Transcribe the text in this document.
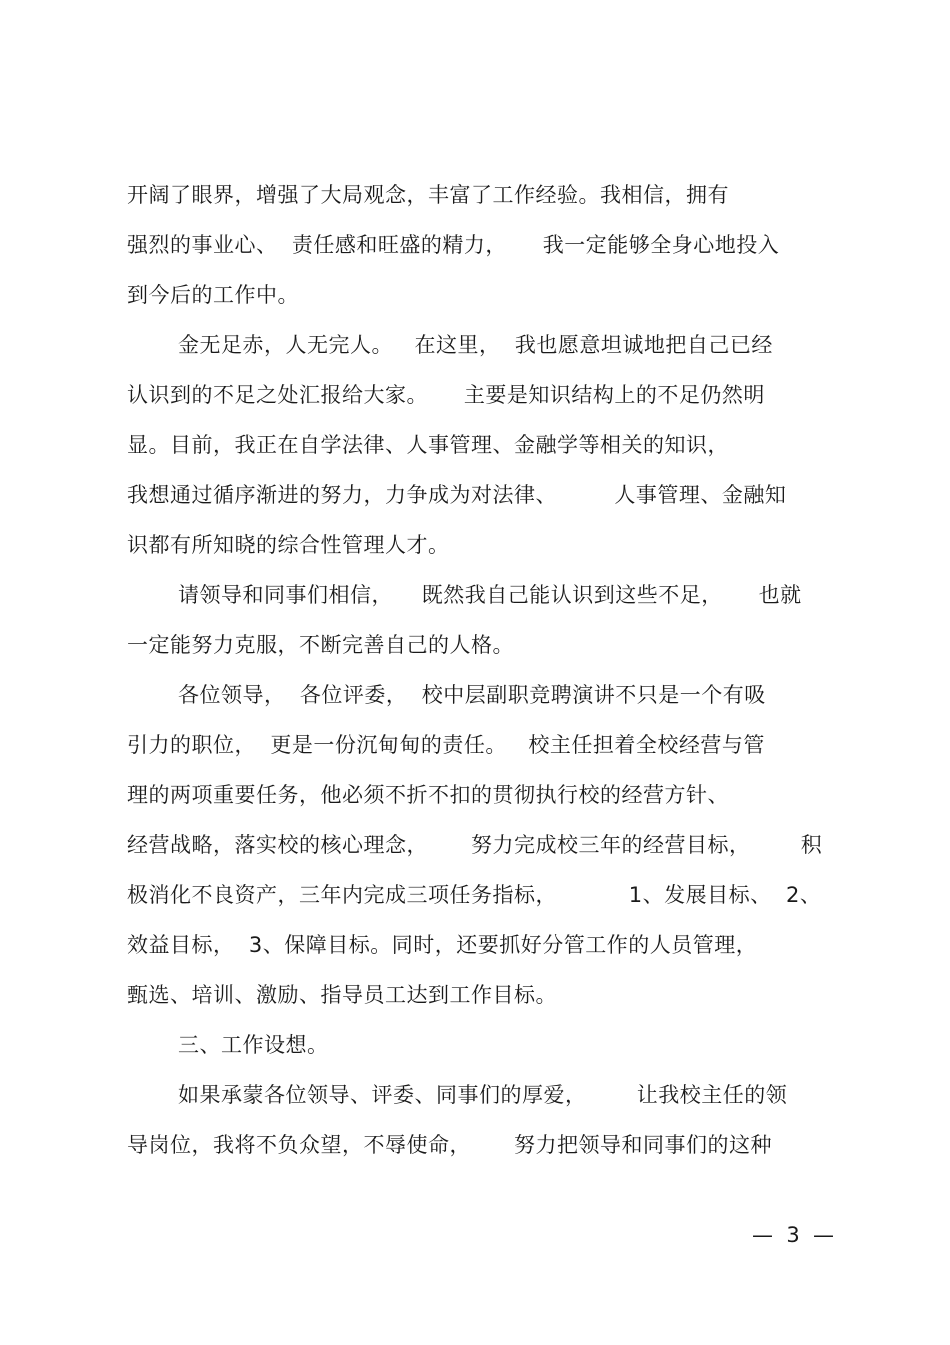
开阔了眼界，增强了大局观念，丰富了工作经验。我相信，拥有
强烈的事业心、  责任感和旺盛的精力，     我一定能够全身心地投入
到今后的工作中。
金无足赤，人无完人。   在这里，  我也愿意坦诚地把自己已经
认识到的不足之处汇报给大家。     主要是知识结构上的不足仍然明
显。目前，我正在自学法律、人事管理、金融学等相关的知识，
我想通过循序渐进的努力，力争成为对法律、        人事管理、金融知
识都有所知晓的综合性管理人才。
请领导和同事们相信，    既然我自己能认识到这些不足，     也就
一定能努力克服，不断完善自己的人格。
各位领导，  各位评委，  校中层副职竞聘演讲不只是一个有吸
引力的职位，  更是一份沉甸甸的责任。   校主任担着全校经营与管
理的两项重要任务，他必须不折不扣的贯彻执行校的经营方针、
经营战略，落实校的核心理念，      努力完成校三年的经营目标，       积
极消化不良资产，三年内完成三项任务指标，          1、发展目标、  2、
效益目标，  3、保障目标。同时，还要抓好分管工作的人员管理，
甄选、培训、激励、指导员工达到工作目标。
三、工作设想。
如果承蒙各位领导、评委、同事们的厚爱，       让我校主任的领
导岗位，我将不负众望，不辱使命，      努力把领导和同事们的这种
—  3  —
